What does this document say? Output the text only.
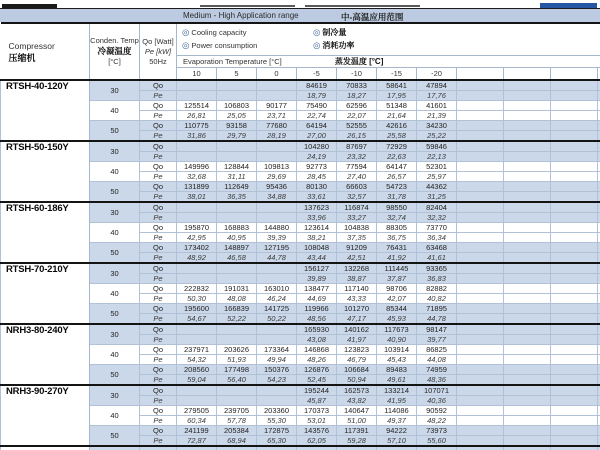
Medium - High Application range	中-高温应用范围
Compressor
压缩机

Conden. Temp
冷凝温度
[°C]

Qo [Watt]
Pe [kW]
50Hz

◎ Cooling capacity	◎ 制冷量
◎ Power consumption	◎ 消耗功率

			Evaporation Temperature [°C] 蒸发温度 [°C]										
			10	5	0	-5	-10	-15	-20				
RTSH-40-120Y	30	Qo				84619	70833	58641	47894				
		Pe				18,79	18,27	17,95	17,76				
	40	Qo	125514	106803	90177	75490	62596	51348	41601				
		Pe	26,81	25,05	23,71	22,74	22,07	21,64	21,39				
	50	Qo	110775	93158	77680	64194	52555	42616	34230				
		Pe	31,86	29,79	28,19	27,00	26,15	25,58	25,22				
RTSH-50-150Y	30	Qo				104280	87697	72929	59846				
		Pe				24,19	23,32	22,63	22,13				
	40	Qo	149996	128844	109813	92773	77594	64147	52301				
		Pe	32,68	31,11	29,69	28,45	27,40	26,57	25,97				
	50	Qo	131899	112649	95436	80130	66603	54723	44362				
		Pe	38,01	36,35	34,88	33,61	32,57	31,78	31,25				
RTSH-60-186Y	30	Qo				137623	116874	98550	82404				
		Pe				33,96	33,27	32,74	32,32				
	40	Qo	195870	168883	144880	123614	104838	88305	73770				
		Pe	42,95	40,95	39,39	38,21	37,35	36,75	36,34				
	50	Qo	173402	148897	127195	108048	91209	76431	63468				
		Pe	48,92	46,58	44,78	43,44	42,51	41,92	41,61				
RTSH-70-210Y	30	Qo				156127	132268	111445	93365				
		Pe				39,89	38,87	37,87	36,83				
	40	Qo	222832	191031	163010	138477	117140	98706	82882				
		Pe	50,30	48,08	46,24	44,69	43,33	42,07	40,82				
	50	Qo	195600	166839	141725	119966	101270	85344	71895				
		Pe	54,67	52,22	50,22	48,56	47,17	45,93	44,78				
NRH3-80-240Y	30	Qo				165930	140162	117673	98147				
		Pe				43,08	41,97	40,90	39,77				
	40	Qo	237971	203626	173364	146868	123823	103914	86825				
		Pe	54,32	51,93	49,94	48,26	46,79	45,43	44,08				
	50	Qo	208560	177498	150376	126876	106684	89483	74959				
		Pe	59,04	56,40	54,23	52,45	50,94	49,61	48,36				
NRH3-90-270Y	30	Qo				195244	162573	133214	107071				
		Pe				45,87	43,82	41,95	40,36				
	40	Qo	279505	239705	203360	170373	140647	114086	90592				
		Pe	60,34	57,78	55,30	53,01	51,00	49,37	48,22				
	50	Qo	241199	205384	172875	143576	117391	94222	73973				
		Pe	72,87	68,94	65,30	62,05	59,28	57,10	55,60				
